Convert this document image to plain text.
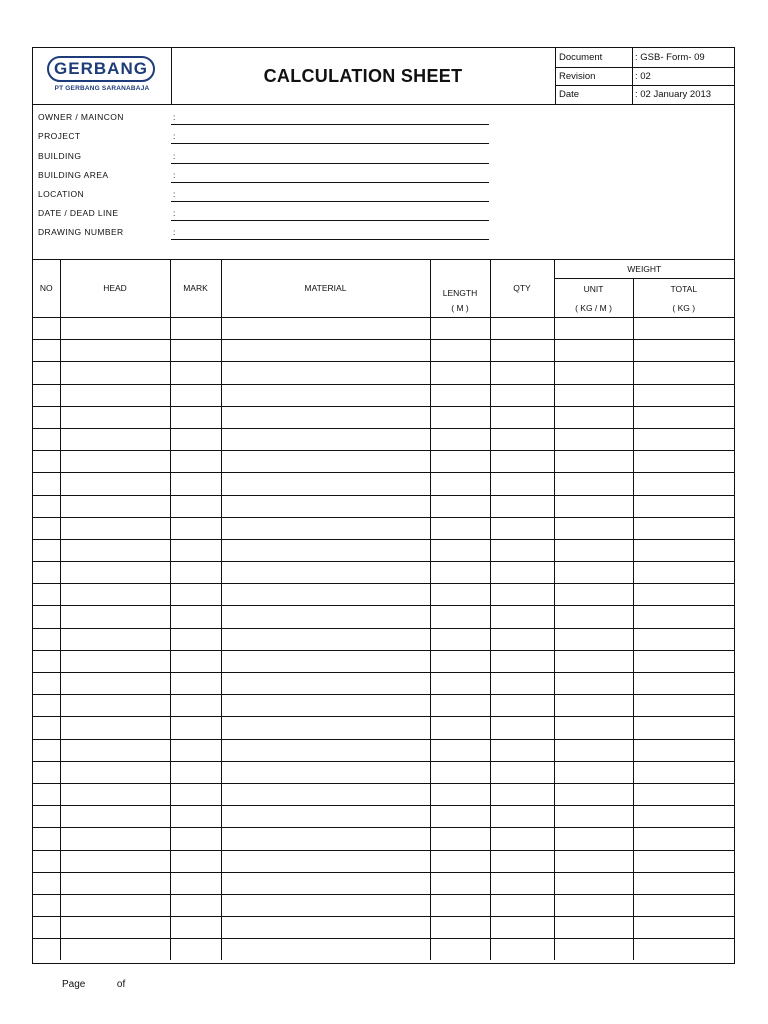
GERBANG
PT GERBANG SARANABAJA
CALCULATION SHEET
Document	: GSB- Form- 09
Revision	: 02
Date	: 02 January 2013
OWNER / MAINCON	:
PROJECT	:
BUILDING	:
BUILDING AREA	:
LOCATION	:
DATE / DEAD LINE	:
DRAWING NUMBER	:
NO	HEAD	MARK	MATERIAL	LENGTH	QTY	WEIGHT	
						UNIT	TOTAL
				( M )		( KG / M )	( KG )

Page	of
